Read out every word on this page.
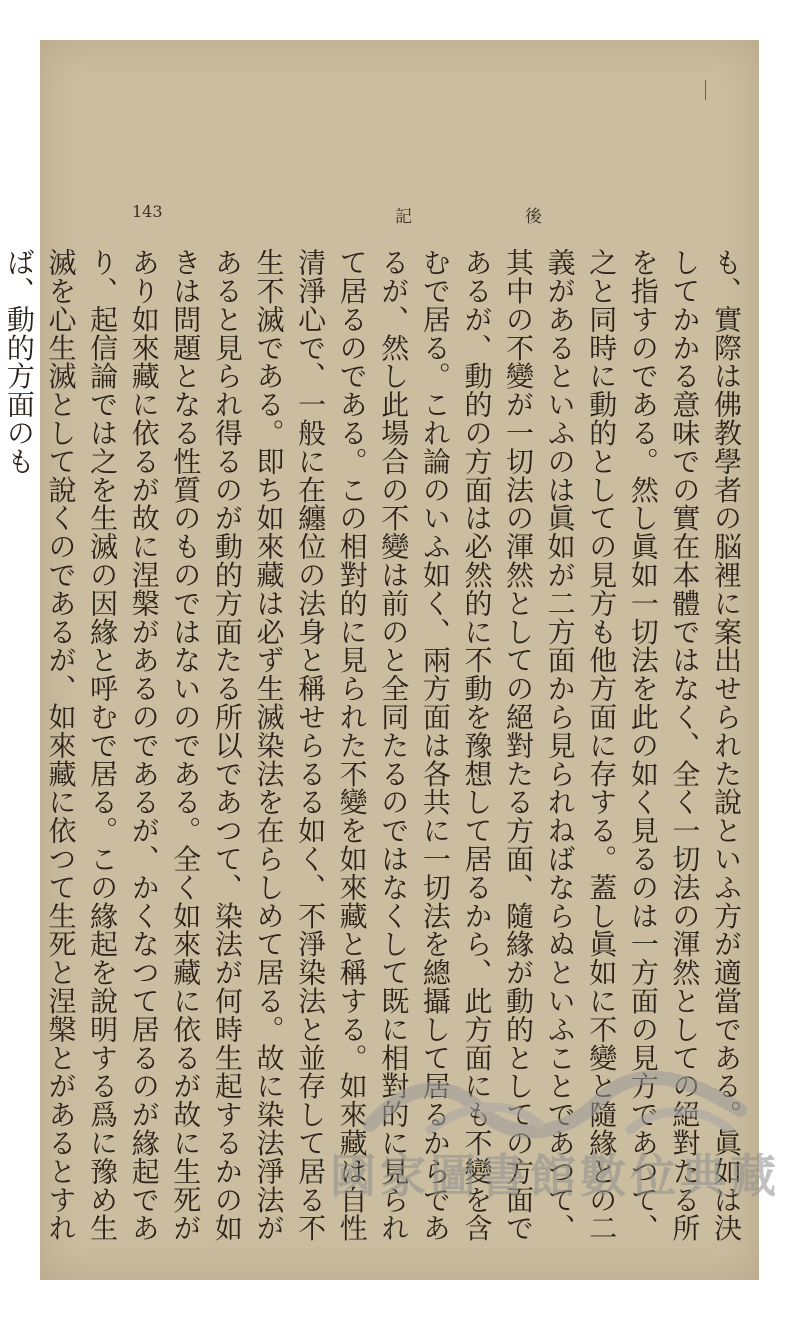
143	後
記
も、實際は佛教學者の脳裡に案出せられた說といふ方が適當である。眞如は決してかかる意味での實在本體ではなく、全く一切法の渾然としての絕對たる所を指すのである。然し眞如一切法を此の如く見るのは一方面の見方であつて、之と同時に動的としての見方も他方面に存する。蓋し眞如に不變と隨緣との二義があるといふのは眞如が二方面から見られねばならぬといふことであつて、其中の不變が一切法の渾然としての絕對たる方面、隨緣が動的としての方面であるが、動的の方面は必然的に不動を豫想して居るから、此方面にも不變を含むで居る。これ論のいふ如く、兩方面は各共に一切法を總攝して居るからであるが、然し此場合の不變は前のと全同たるのではなくして既に相對的に見られて居るのである。この相對的に見られた不變を如來藏と稱する。如來藏は自性清淨心で、一般に在纏位の法身と稱せらるる如く、不淨染法と並存して居る不生不滅である。即ち如來藏は必ず生滅染法を在らしめて居る。故に染法淨法があると見られ得るのが動的方面たる所以であつて、染法が何時生起するかの如きは問題となる性質のものではないのである。全く如來藏に依るが故に生死があり如來藏に依るが故に涅槃があるのであるが、かくなつて居るのが緣起であり、起信論では之を生滅の因緣と呼むで居る。この緣起を說明する爲に豫め生滅を心生滅として說くのであるが、如來藏に依つて生死と涅槃とがあるとすれば、動的方面のも
國家圖書館數位典藏
